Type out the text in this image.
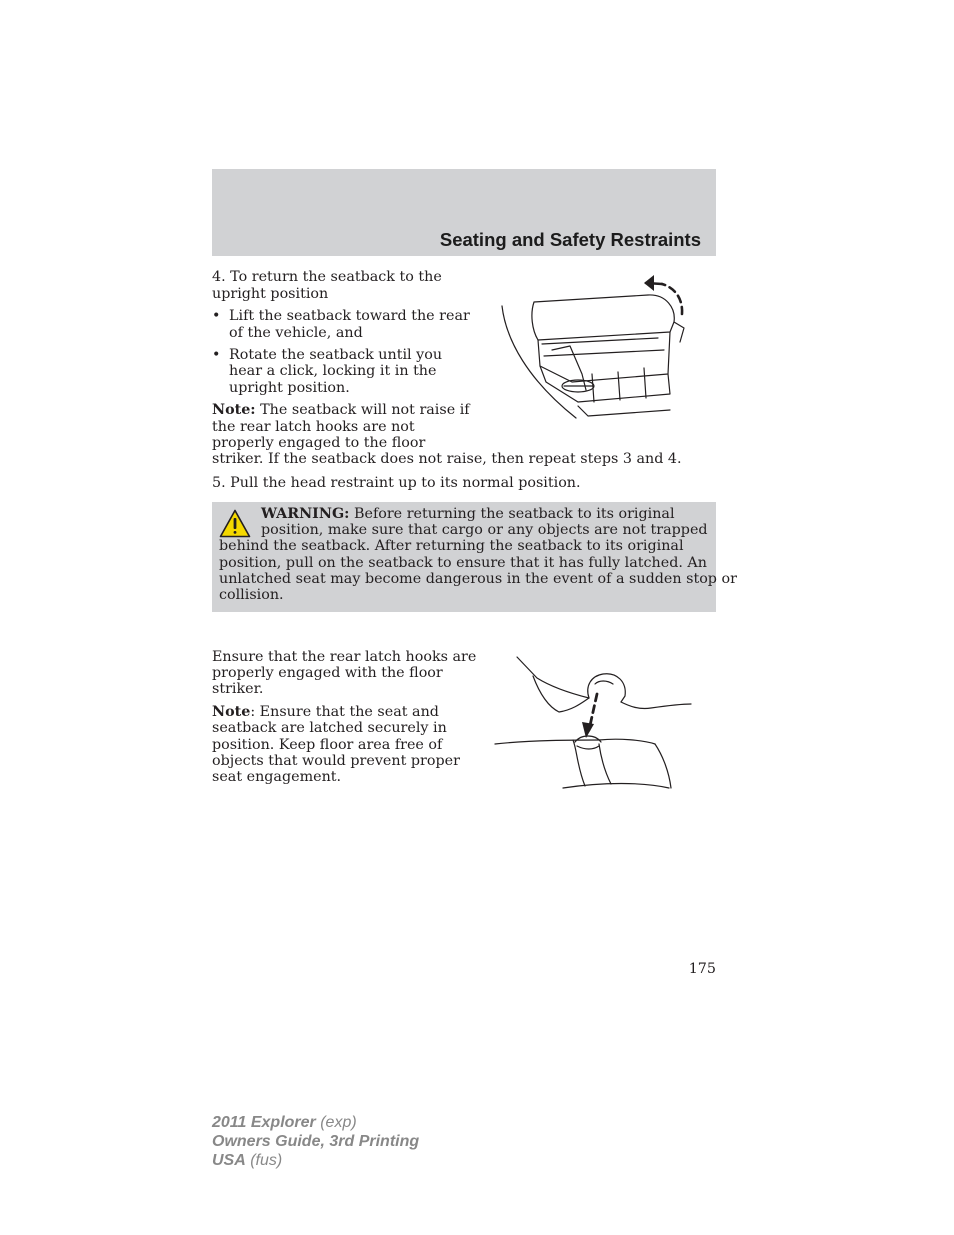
Seating and Safety Restraints
4. To return the seatback to the
upright position
• Lift the seatback toward the rear
of the vehicle, and
• Rotate the seatback until you
hear a click, locking it in the
upright position.
Note: The seatback will not raise if
the rear latch hooks are not
properly engaged to the floor
striker. If the seatback does not raise, then repeat steps 3 and 4.
5. Pull the head restraint up to its normal position.
WARNING: Before returning the seatback to its original
position, make sure that cargo or any objects are not trapped
behind the seatback. After returning the seatback to its original
position, pull on the seatback to ensure that it has fully latched. An
unlatched seat may become dangerous in the event of a sudden stop or
collision.
Ensure that the rear latch hooks are
properly engaged with the floor
striker.
Note: Ensure that the seat and
seatback are latched securely in
position. Keep floor area free of
objects that would prevent proper
seat engagement.
175
2011 Explorer (exp)
Owners Guide, 3rd Printing
USA (fus)
